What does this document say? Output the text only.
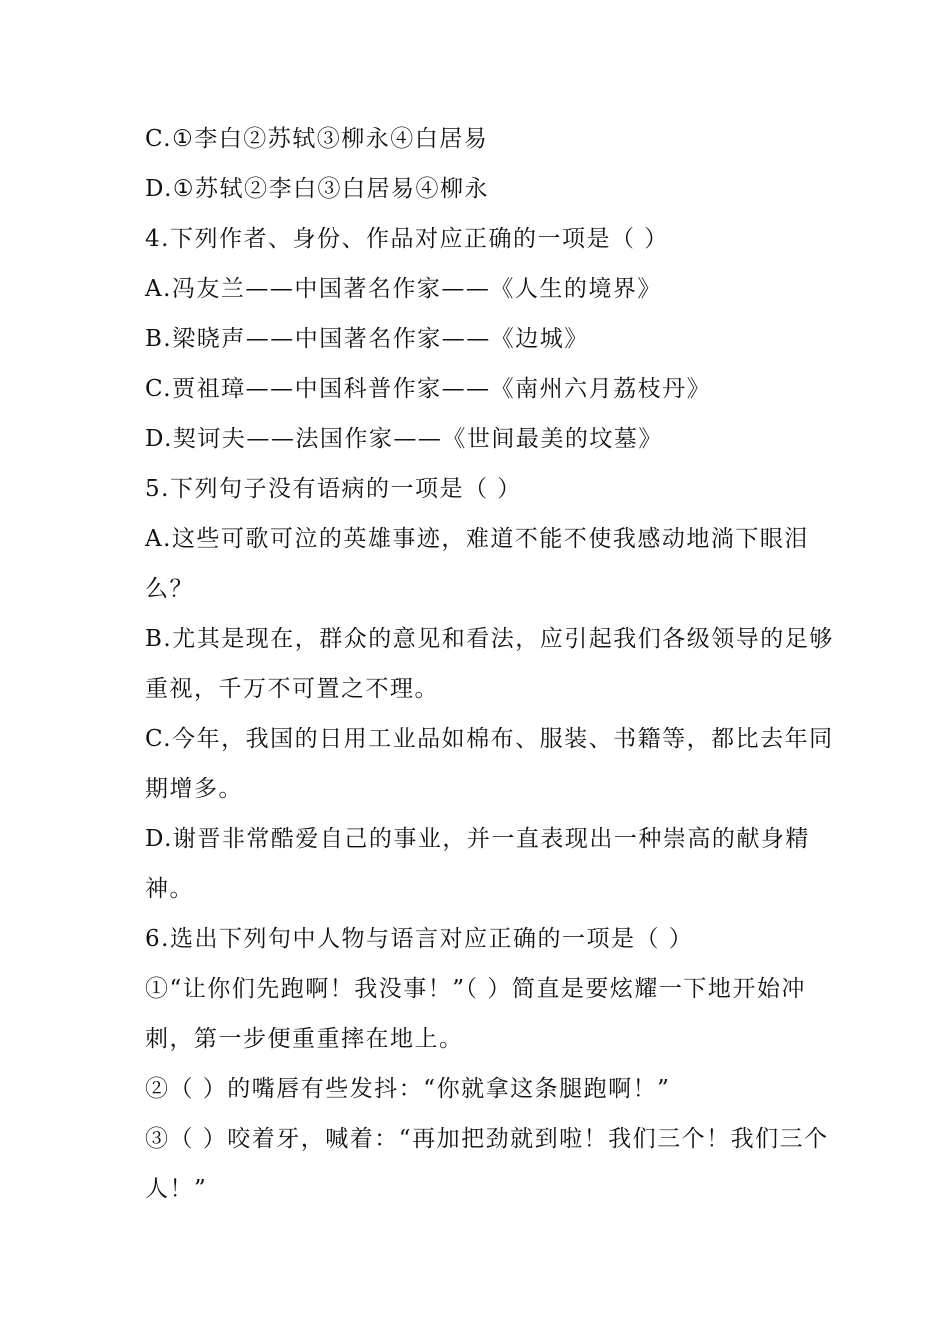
C.①李白②苏轼③柳永④白居易
D.①苏轼②李白③白居易④柳永
4.下列作者、身份、作品对应正确的一项是（ ）
A.冯友兰——中国著名作家——《人生的境界》
B.梁晓声——中国著名作家——《边城》
C.贾祖璋——中国科普作家——《南州六月荔枝丹》
D.契诃夫——法国作家——《世间最美的坟墓》
5.下列句子没有语病的一项是（ ）
A.这些可歌可泣的英雄事迹，难道不能不使我感动地淌下眼泪
么？
B.尤其是现在，群众的意见和看法，应引起我们各级领导的足够
重视，千万不可置之不理。
C.今年，我国的日用工业品如棉布、服装、书籍等，都比去年同
期增多。
D.谢晋非常酷爱自己的事业，并一直表现出一种崇高的献身精
神。
6.选出下列句中人物与语言对应正确的一项是（ ）
①“让你们先跑啊！我没事！”（ ）简直是要炫耀一下地开始冲
刺，第一步便重重摔在地上。
②（ ）的嘴唇有些发抖：“你就拿这条腿跑啊！”
③（ ）咬着牙，喊着：“再加把劲就到啦！我们三个！我们三个
人！”
